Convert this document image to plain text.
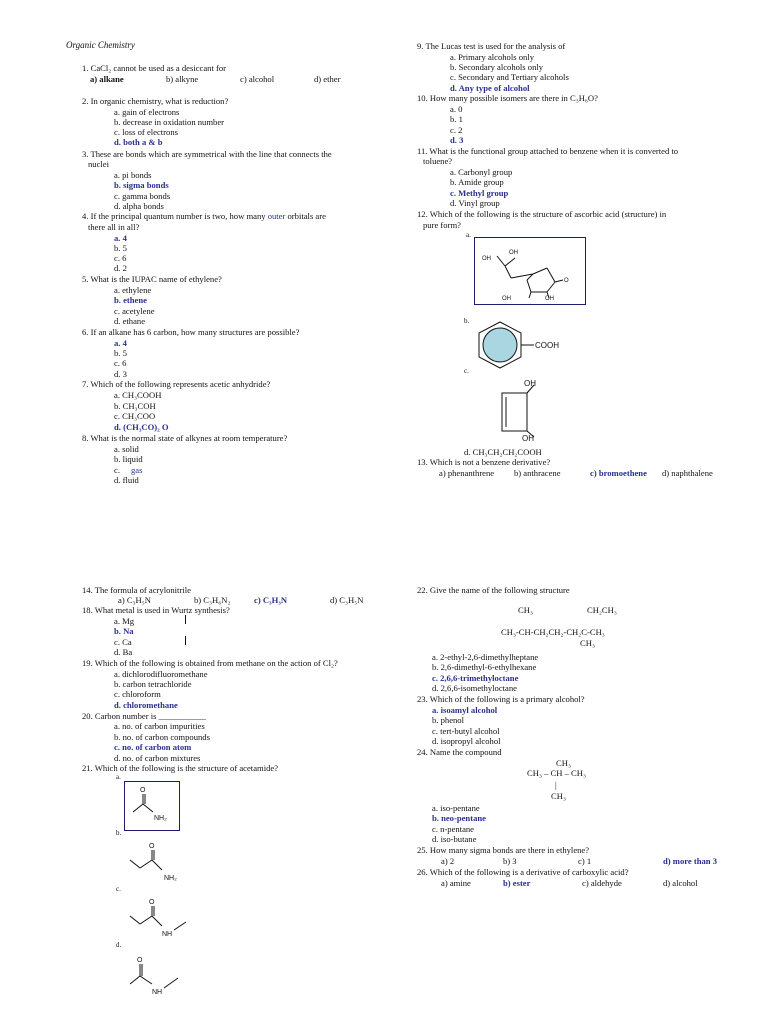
Organic Chemistry
1. CaCl₂ cannot be used as a desiccant for
a) alkane	b) alkyne	c) alcohol	d) ether
2. In organic chemistry, what is reduction?
a. gain of electrons
b. decrease in oxidation number
c. loss of electrons
d. both a & b
3. These are bonds which are symmetrical with the line that connects the
nuclei
a. pi bonds
b. sigma bonds
c. gamma bonds
d. alpha bonds
4. If the principal quantum number is two, how many outer orbitals are
there all in all?
a. 4
b. 5
c. 6
d. 2
5. What is the IUPAC name of ethylene?
a. ethylene
b. ethene
c. acetylene
d. ethane
6. If an alkane has 6 carbon, how many structures are possible?
a. 4
b. 5
c. 6
d. 3
7. Which of the following represents acetic anhydride?
a. CH₃COOH
b. CH₃COH
c. CH₃COO
d. (CH₃CO)₂ O
8. What is the normal state of alkynes at room temperature?
a. solid
b. liquid
c. gas
d. fluid
9. The Lucas test is used for the analysis of
a. Primary alcohols only
b. Secondary alcohols only
c. Secondary and Tertiary alcohols
d. Any type of alcohol
10. How many possible isomers are there in C₃H₈O?
a. 0
b. 1
c. 2
d. 3
11. What is the functional group attached to benzene when it is converted to
toluene?
a. Carbonyl group
b. Amide group
c. Methyl group
d. Vinyl group
12. Which of the following is the structure of ascorbic acid (structure) in
pure form?
a.
OH
OH
O
OH	OH
b.
COOH
c.
OH
OH
d. CH₃CH₂CH₂COOH
13. Which is not a benzene derivative?
a) phenanthrene b) anthracene	c) bromoethene d) naphthalene
14. The formula of acrylonitrile
a) C₃H₅N	b) C₃H₆N₂	c) C₃H₃N	d) C₃H₅N
18. What metal is used in Wurtz synthesis?
a. Mg
b. Na
c. Ca
d. Ba
19. Which of the following is obtained from methane on the action of Cl₂?
a. dichlorodifluoromethane
b. carbon tetrachloride
c. chloroform
d. chloromethane
20. Carbon number is ___________
a. no. of carbon impurities
b. no. of carbon compounds
c. no. of carbon atom
d. no. of carbon mixtures
21. Which of the following is the structure of acetamide?
a.
O
NH₂
b.
O
NH₂
c.
O
NH
d.
O
NH
22. Give the name of the following structure
CH₃	CH₂CH₃
CH₃-CH-CH₂CH₂-CH₂C-CH₃
CH₃
a. 2-ethyl-2,6-dimethylheptane
b. 2,6-dimethyl-6-ethylhexane
c. 2,6,6-trimethyloctane
d. 2,6,6-isomethyloctane
23. Which of the following is a primary alcohol?
a. isoamyl alcohol
b. phenol
c. tert-butyl alcohol
d. isopropyl alcohol
24. Name the compound
CH₃
CH₃ – CH – CH₃
|
CH₃
a. iso-pentane
b. neo-pentane
c. n-pentane
d. iso-butane
25. How many sigma bonds are there in ethylene?
a) 2	b) 3	c) 1	d) more than 3
26. Which of the following is a derivative of carboxylic acid?
a) amine	b) ester	c) aldehyde	d) alcohol
